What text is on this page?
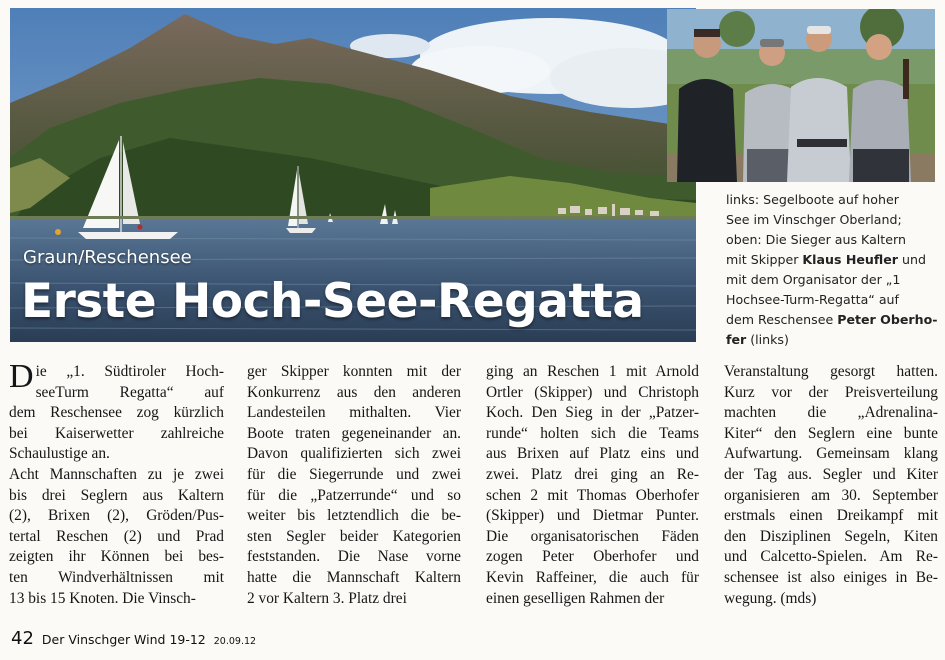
Graun/Reschensee
Erste Hoch-See-Regatta
links: Segelboote auf hoher
See im Vinschger Oberland;
oben: Die Sieger aus Kaltern
mit Skipper Klaus Heufler und
mit dem Organisator der „1
Hochsee-Turm-Regatta“ auf
dem Reschensee Peter Oberho-
fer (links)
D ie „1. Südtiroler Hoch-
seeTurm Regatta“ auf
dem Reschensee zog kürzlich
bei Kaiserwetter zahlreiche
Schaulustige an.
Acht Mannschaften zu je zwei
bis drei Seglern aus Kaltern
(2), Brixen (2), Gröden/Pus-
tertal Reschen (2) und Prad
zeigten ihr Können bei bes-
ten Windverhältnissen mit
13 bis 15 Knoten. Die Vinsch-
ger Skipper konnten mit der
Konkurrenz aus den anderen
Landesteilen mithalten. Vier
Boote traten gegeneinander an.
Davon qualifizierten sich zwei
für die Siegerrunde und zwei
für die „Patzerrunde“ und so
weiter bis letztendlich die be-
sten Segler beider Kategorien
feststanden. Die Nase vorne
hatte die Mannschaft Kaltern
2 vor Kaltern 3. Platz drei
ging an Reschen 1 mit Arnold
Ortler (Skipper) und Christoph
Koch. Den Sieg in der „Patzer-
runde“ holten sich die Teams
aus Brixen auf Platz eins und
zwei. Platz drei ging an Re-
schen 2 mit Thomas Oberhofer
(Skipper) und Dietmar Punter.
Die organisatorischen Fäden
zogen Peter Oberhofer und
Kevin Raffeiner, die auch für
einen geselligen Rahmen der
Veranstaltung gesorgt hatten.
Kurz vor der Preisverteilung
machten die „Adrenalina-
Kiter“ den Seglern eine bunte
Aufwartung. Gemeinsam klang
der Tag aus. Segler und Kiter
organisieren am 30. September
erstmals einen Dreikampf mit
den Disziplinen Segeln, Kiten
und Calcetto-Spielen. Am Re-
schensee ist also einiges in Be-
wegung. (mds)
42 Der Vinschger Wind 19-12 20.09.12
